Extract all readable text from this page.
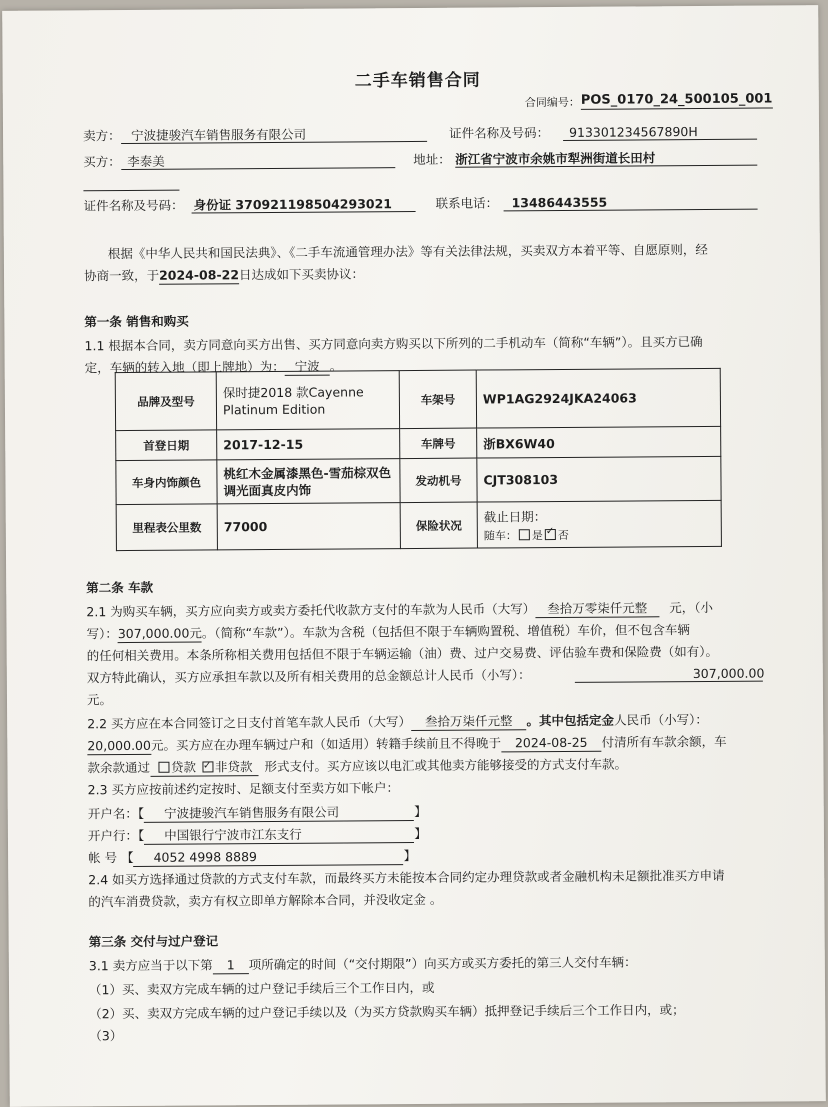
二手车销售合同
合同编号： POS_0170_24_500105_001
卖方： 宁波捷骏汽车销售服务有限公司	证件名称及号码： 913301234567890H
买方： 李泰美	地址： 浙江省宁波市余姚市犁洲街道长田村
证件名称及号码： 身份证 370921198504293021	联系电话： 13486443555
根据《中华人民共和国民法典》、《二手车流通管理办法》等有关法律法规，买卖双方本着平等、自愿原则，经
协商一致，于2024-08-22日达成如下买卖协议：
第一条 销售和购买
1.1 根据本合同，卖方同意向买方出售、买方同意向卖方购买以下所列的二手机动车（简称“车辆”）。且买方已确
定，车辆的转入地（即上牌地）为： 宁波 。
品牌及型号	保时捷2018 款Cayenne Platinum Edition	车架号	WP1AG2924JKA24063
首登日期	2017-12-15	车牌号	浙BX6W40
车身内饰颜色	桃红木金属漆黑色-雪茄棕双色调光面真皮内饰	发动机号	CJT308103
里程表公里数	77000	保险状况	截止日期：
随车： 是 ✓ 否
第二条 车款
2.1 为购买车辆，买方应向卖方或卖方委托代收款方支付的车款为人民币（大写） 叁拾万零柒仟元整 元，（小
写）：307,000.00元。（简称“车款”）。车款为含税（包括但不限于车辆购置税、增值税）车价，但不包含车辆
的任何相关费用。本条所称相关费用包括但不限于车辆运输（油）费、过户交易费、评估验车费和保险费（如有）。
双方特此确认，买方应承担车款以及所有相关费用的总金额总计人民币（小写）：	307,000.00
元。
2.2 买方应在本合同签订之日支付首笔车款人民币（大写） 叁拾万柒仟元整 。其中包括定金人民币（小写）：
20,000.00元。买方应在办理车辆过户和（如适用）转籍手续前且不得晚于 2024-08-25 付清所有车款余额，车
款余款通过 贷款 ✓ 非贷款 形式支付。买方应该以电汇或其他卖方能够接受的方式支付车款。
2.3 买方应按前述约定按时、足额支付至卖方如下帐户：
开户名：【 宁波捷骏汽车销售服务有限公司	】
开户行：【 中国银行宁波市江东支行	】
帐 号 【 4052 4998 8889	】
2.4 如买方选择通过贷款的方式支付车款，而最终买方未能按本合同约定办理贷款或者金融机构未足额批准买方申请
的汽车消费贷款，卖方有权立即单方解除本合同，并没收定金 。
第三条 交付与过户登记
3.1 卖方应当于以下第 1 项所确定的时间（“交付期限”）向买方或买方委托的第三人交付车辆：
（1）买、卖双方完成车辆的过户登记手续后三个工作日内，或
（2）买、卖双方完成车辆的过户登记手续以及（为买方贷款购买车辆）抵押登记手续后三个工作日内，或；
（3）
